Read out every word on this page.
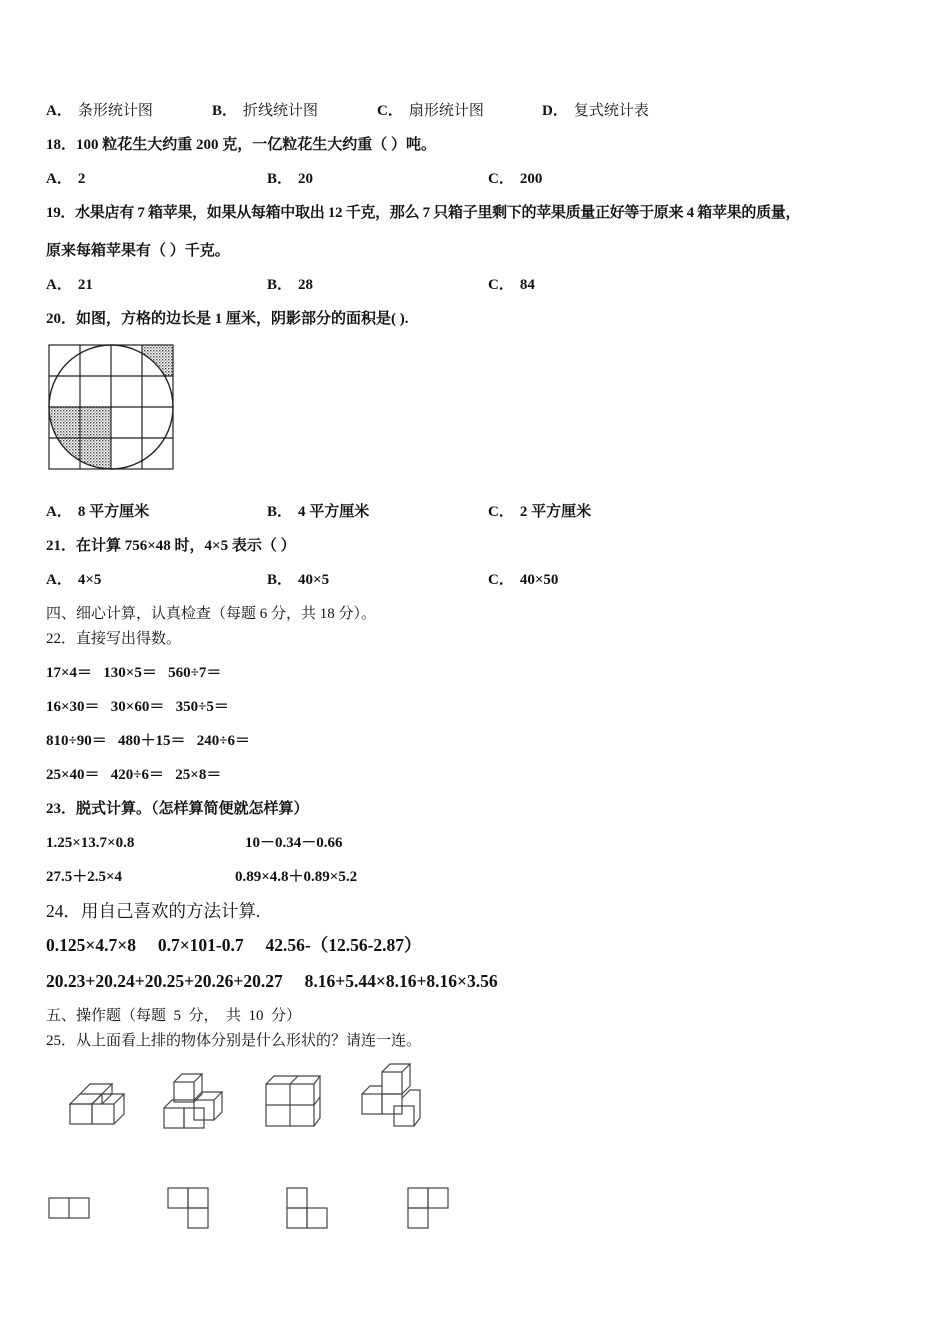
A． 条形统计图	B． 折线统计图	C． 扇形统计图	D． 复式统计表
18．100 粒花生大约重 200 克，一亿粒花生大约重（ ）吨。
A． 2	B． 20	C． 200
19．水果店有 7 箱苹果，如果从每箱中取出 12 千克，那么 7 只箱子里剩下的苹果质量正好等于原来 4 箱苹果的质量，
原来每箱苹果有（ ）千克。
A． 21	B． 28	C． 84
20．如图，方格的边长是 1 厘米，阴影部分的面积是( ).
A． 8 平方厘米	B． 4 平方厘米	C． 2 平方厘米
21．在计算 756×48 时，4×5 表示（ ）
A． 4×5	B． 40×5	C． 40×50
四、细心计算，认真检查（每题 6 分，共 18 分）。
22．直接写出得数。
17×4＝   130×5＝   560÷7＝
16×30＝   30×60＝   350÷5＝
810÷90＝   480＋15＝   240÷6＝
25×40＝   420÷6＝   25×8＝
23．脱式计算。（怎样算简便就怎样算）
1.25×13.7×0.8	10－0.34－0.66
27.5＋2.5×4	0.89×4.8＋0.89×5.2
24．用自己喜欢的方法计算.
0.125×4.7×8     0.7×101-0.7     42.56-（12.56-2.87）
20.23+20.24+20.25+20.26+20.27     8.16+5.44×8.16+8.16×3.56
五、操作题（每题  5  分，  共  10  分）
25．从上面看上排的物体分别是什么形状的？请连一连。
